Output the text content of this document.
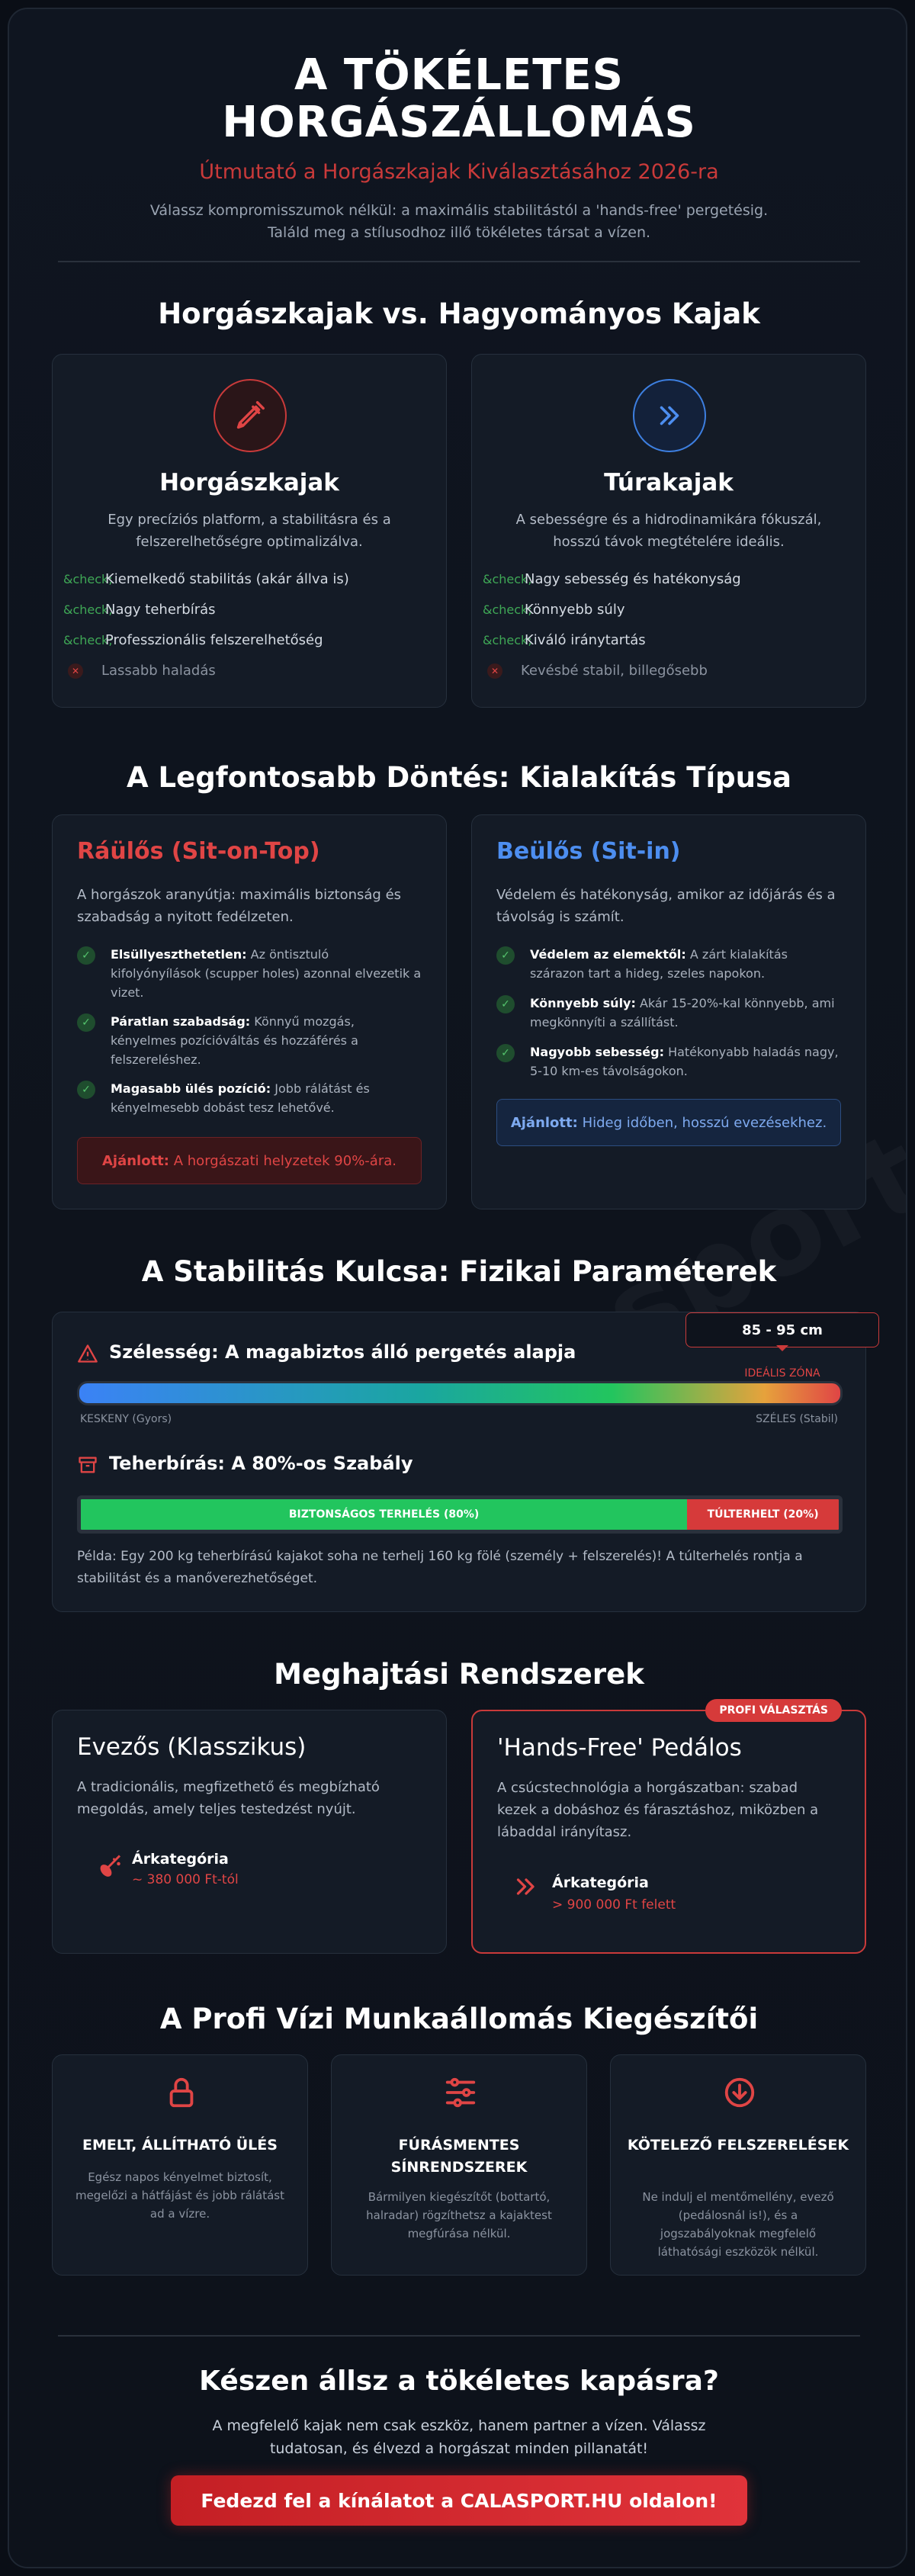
A TÖKÉLETES
HORGÁSZÁLLOMÁS
Útmutató a Horgászkajak Kiválasztásához 2026-ra
Válassz kompromisszumok nélkül: a maximális stabilitástól a 'hands-free' pergetésig.
Találd meg a stílusodhoz illő tökéletes társat a vízen.
Horgászkajak vs. Hagyományos Kajak
Horgászkajak
Egy precíziós platform, a stabilitásra és a felszerelhetőségre optimalizálva.
&check;
Kiemelkedő stabilitás (akár állva is)
&check;
Nagy teherbírás
&check;
Professzionális felszerelhetőség
✕ Lassabb haladás
Túrakajak
A sebességre és a hidrodinamikára fókuszál, hosszú távok megtételére ideális.
&check;
Nagy sebesség és hatékonyság
&check;
Könnyebb súly
&check;
Kiváló iránytartás
✕ Kevésbé stabil, billegősebb
A Legfontosabb Döntés: Kialakítás Típusa
Ráülős (Sit-on-Top)
A horgászok aranyútja: maximális biztonság és szabadság a nyitott fedélzeten.
✓	Elsüllyeszthetetlen: Az öntisztuló kifolyónyílások (scupper holes) azonnal elvezetik a vizet.
✓	Páratlan szabadság: Könnyű mozgás, kényelmes pozícióváltás és hozzáférés a felszereléshez.
✓	Magasabb ülés pozíció: Jobb rálátást és kényelmesebb dobást tesz lehetővé.
Ajánlott:
A horgászati helyzetek 90%-ára.
Beülős (Sit-in)
Védelem és hatékonyság, amikor az időjárás és a távolság is számít.
✓	Védelem az elemektől: A zárt kialakítás szárazon tart a hideg, szeles napokon.
✓	Könnyebb súly: Akár 15-20%-kal könnyebb, ami megkönnyíti a szállítást.
✓	Nagyobb sebesség: Hatékonyabb haladás nagy, 5-10 km-es távolságokon.
Ajánlott:
Hideg időben, hosszú evezésekhez.
A Stabilitás Kulcsa: Fizikai Paraméterek
Szélesség: A magabiztos álló pergetés alapja
85 - 95 cm
IDEÁLIS ZÓNA
KESKENY (Gyors)	SZÉLES (Stabil)
Teherbírás: A 80%-os Szabály
BIZTONSÁGOS TERHELÉS (80%)	TÚLTERHELT (20%)
Példa: Egy 200 kg teherbírású kajakot soha ne terhelj 160 kg fölé (személy + felszerelés)! A túlterhelés rontja a stabilitást és a manőverezhetőséget.
Meghajtási Rendszerek
Evezős (Klasszikus)
A tradicionális, megfizethető és megbízható megoldás, amely teljes testedzést nyújt.
Árkategória
~ 380 000 Ft-tól
PROFI VÁLASZTÁS
'Hands-Free' Pedálos
A csúcstechnológia a horgászatban: szabad kezek a dobáshoz és fárasztáshoz, miközben a lábaddal irányítasz.
Árkategória
> 900 000 Ft felett
A Profi Vízi Munkaállomás Kiegészítői
EMELT, ÁLLÍTHATÓ ÜLÉS
Egész napos kényelmet biztosít, megelőzi a hátfájást és jobb rálátást ad a vízre.
FÚRÁSMENTES SÍNRENDSZEREK
Bármilyen kiegészítőt (bottartó, halradar) rögzíthetsz a kajaktest megfúrása nélkül.
KÖTELEZŐ FELSZERELÉSEK
Ne indulj el mentőmellény, evező (pedálosnál is!), és a jogszabályoknak megfelelő láthatósági eszközök nélkül.
Készen állsz a tökéletes kapásra?
A megfelelő kajak nem csak eszköz, hanem partner a vízen. Válassz
tudatosan, és élvezd a horgászat minden pillanatát!
Fedezd fel a kínálatot a CALASPORT.HU oldalon!
